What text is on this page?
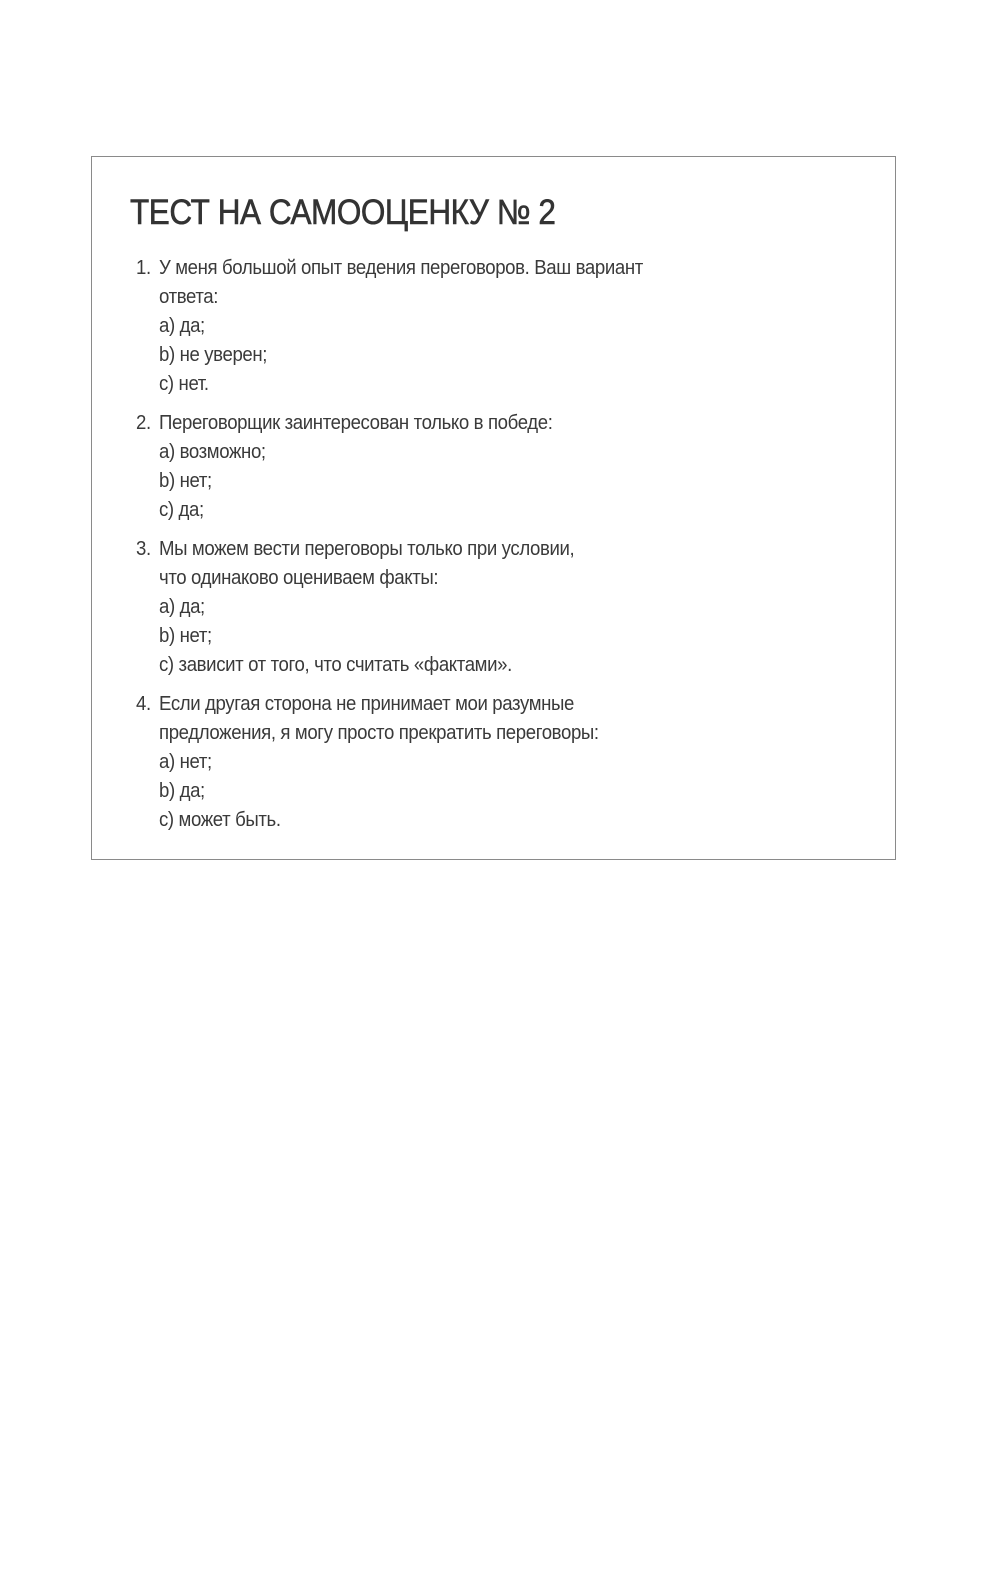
ТЕСТ НА САМООЦЕНКУ № 2
1. У меня большой опыт ведения переговоров. Ваш вариант
ответа:
a) да;
b) не уверен;
c) нет.
2. Переговорщик заинтересован только в победе:
a) возможно;
b) нет;
c) да;
3. Мы можем вести переговоры только при условии,
что одинаково оцениваем факты:
a) да;
b) нет;
c) зависит от того, что считать «фактами».
4. Если другая сторона не принимает мои разумные
предложения, я могу просто прекратить переговоры:
a) нет;
b) да;
c) может быть.
